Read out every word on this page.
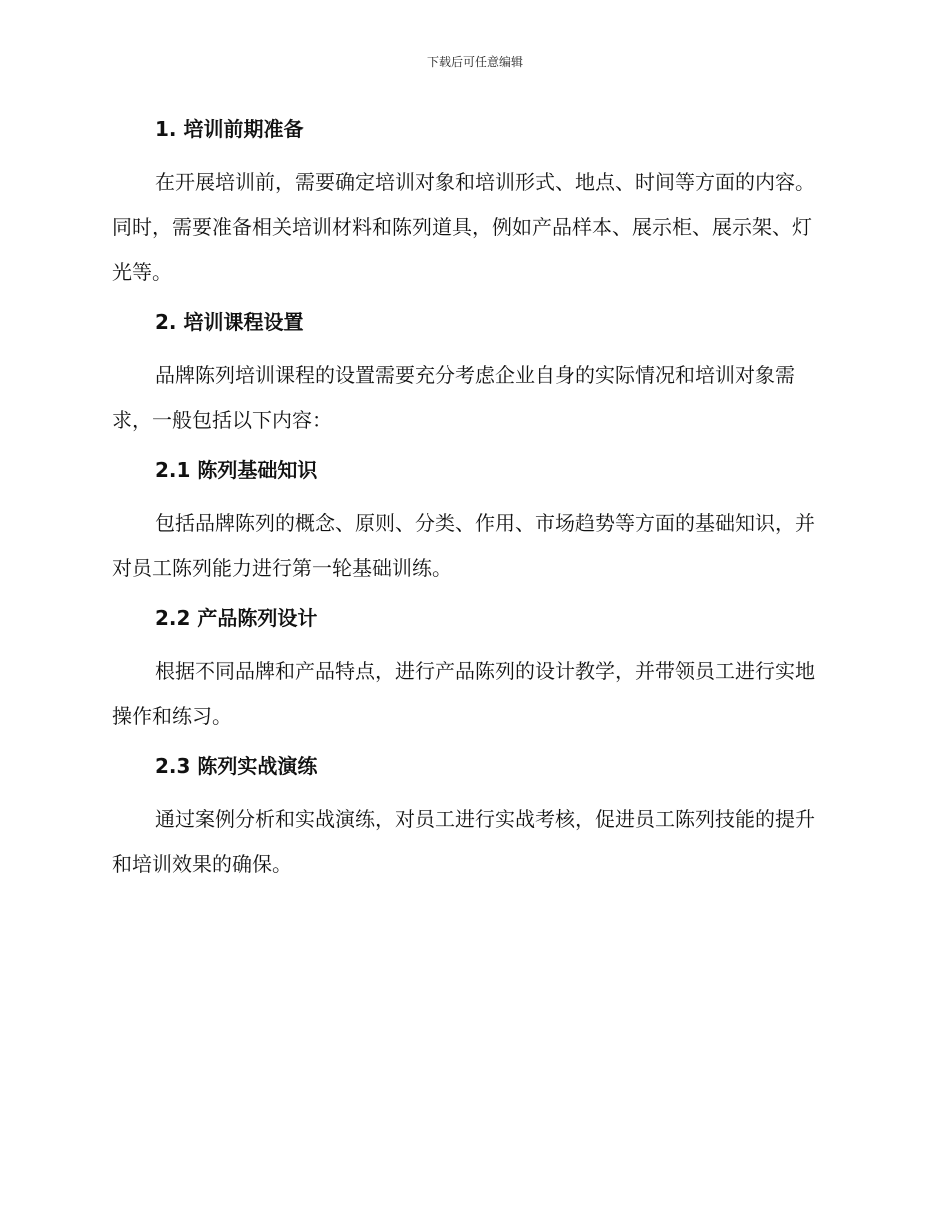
下载后可任意编辑
1. 培训前期准备

在开展培训前，需要确定培训对象和培训形式、地点、时间等方面的内容。同时，需要准备相关培训材料和陈列道具，例如产品样本、展示柜、展示架、灯光等。

2. 培训课程设置

品牌陈列培训课程的设置需要充分考虑企业自身的实际情况和培训对象需求，一般包括以下内容：

2.1 陈列基础知识

包括品牌陈列的概念、原则、分类、作用、市场趋势等方面的基础知识，并对员工陈列能力进行第一轮基础训练。

2.2 产品陈列设计

根据不同品牌和产品特点，进行产品陈列的设计教学，并带领员工进行实地操作和练习。

2.3 陈列实战演练

通过案例分析和实战演练，对员工进行实战考核，促进员工陈列技能的提升和培训效果的确保。
